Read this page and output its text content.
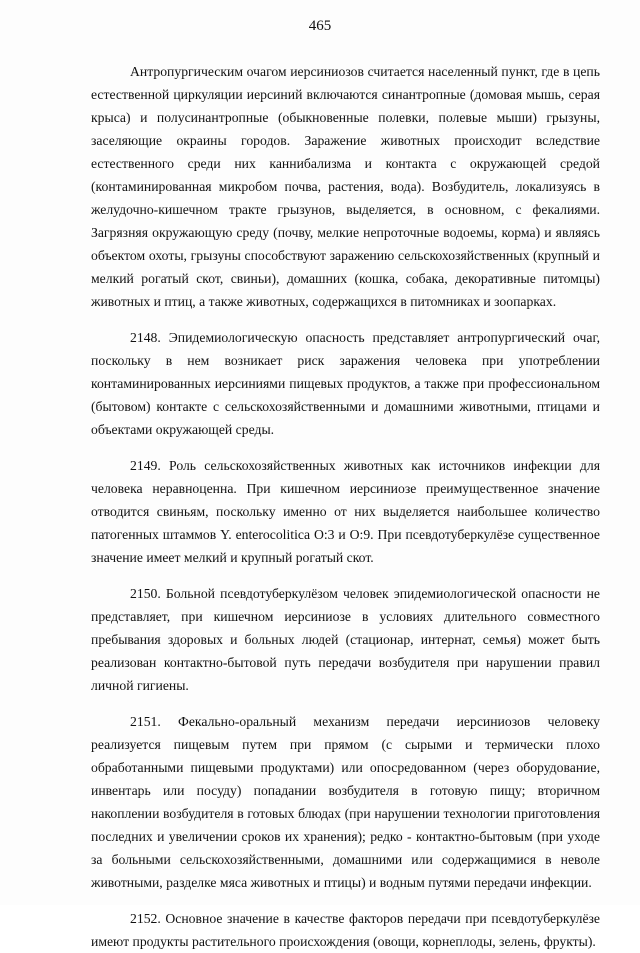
465

Антропургическим очагом иерсиниозов считается населенный пункт, где в цепь естественной циркуляции иерсиний включаются синантропные (домовая мышь, серая крыса) и полусинантропные (обыкновенные полевки, полевые мыши) грызуны, заселяющие окраины городов. Заражение животных происходит вследствие естественного среди них каннибализма и контакта с окружающей средой (контаминированная микробом почва, растения, вода). Возбудитель, локализуясь в желудочно-кишечном тракте грызунов, выделяется, в основном, с фекалиями. Загрязняя окружающую среду (почву, мелкие непроточные водоемы, корма) и являясь объектом охоты, грызуны способствуют заражению сельскохозяйственных (крупный и мелкий рогатый скот, свиньи), домашних (кошка, собака, декоративные питомцы) животных и птиц, а также животных, содержащихся в питомниках и зоопарках.

2148. Эпидемиологическую опасность представляет антропургический очаг, поскольку в нем возникает риск заражения человека при употреблении контаминированных иерсиниями пищевых продуктов, а также при профессиональном (бытовом) контакте с сельскохозяйственными и домашними животными, птицами и объектами окружающей среды.

2149. Роль сельскохозяйственных животных как источников инфекции для человека неравноценна. При кишечном иерсиниозе преимущественное значение отводится свиньям, поскольку именно от них выделяется наибольшее количество патогенных штаммов Y. enterocolitica O:3 и O:9. При псевдотуберкулёзе существенное значение имеет мелкий и крупный рогатый скот.

2150. Больной псевдотуберкулёзом человек эпидемиологической опасности не представляет, при кишечном иерсиниозе в условиях длительного совместного пребывания здоровых и больных людей (стационар, интернат, семья) может быть реализован контактно-бытовой путь передачи возбудителя при нарушении правил личной гигиены.

2151. Фекально-оральный механизм передачи иерсиниозов человеку реализуется пищевым путем при прямом (с сырыми и термически плохо обработанными пищевыми продуктами) или опосредованном (через оборудование, инвентарь или посуду) попадании возбудителя в готовую пищу; вторичном накоплении возбудителя в готовых блюдах (при нарушении технологии приготовления последних и увеличении сроков их хранения); редко - контактно-бытовым (при уходе за больными сельскохозяйственными, домашними или содержащимися в неволе животными, разделке мяса животных и птицы) и водным путями передачи инфекции.

2152. Основное значение в качестве факторов передачи при псевдотуберкулёзе имеют продукты растительного происхождения (овощи, корнеплоды, зелень, фрукты).
